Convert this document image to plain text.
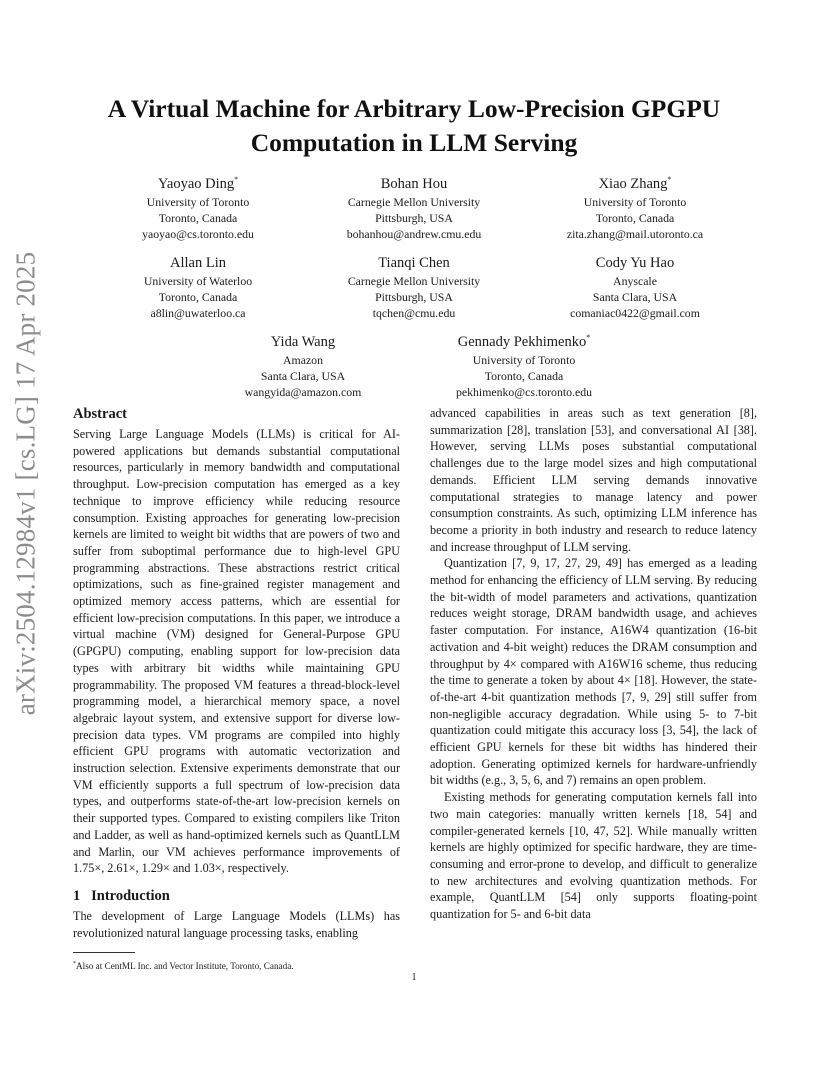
arXiv:2504.12984v1 [cs.LG] 17 Apr 2025
A Virtual Machine for Arbitrary Low-Precision GPGPU Computation in LLM Serving
Yaoyao Ding*
University of Toronto
Toronto, Canada
yaoyao@cs.toronto.edu
Bohan Hou
Carnegie Mellon University
Pittsburgh, USA
bohanhou@andrew.cmu.edu
Xiao Zhang*
University of Toronto
Toronto, Canada
zita.zhang@mail.utoronto.ca
Allan Lin
University of Waterloo
Toronto, Canada
a8lin@uwaterloo.ca
Tianqi Chen
Carnegie Mellon University
Pittsburgh, USA
tqchen@cmu.edu
Cody Yu Hao
Anyscale
Santa Clara, USA
comaniac0422@gmail.com
Yida Wang
Amazon
Santa Clara, USA
wangyida@amazon.com
Gennady Pekhimenko*
University of Toronto
Toronto, Canada
pekhimenko@cs.toronto.edu
Abstract

Serving Large Language Models (LLMs) is critical for AI-powered applications but demands substantial computational resources, particularly in memory bandwidth and computational throughput. Low-precision computation has emerged as a key technique to improve efficiency while reducing resource consumption. Existing approaches for generating low-precision kernels are limited to weight bit widths that are powers of two and suffer from suboptimal performance due to high-level GPU programming abstractions. These abstractions restrict critical optimizations, such as fine-grained register management and optimized memory access patterns, which are essential for efficient low-precision computations. In this paper, we introduce a virtual machine (VM) designed for General-Purpose GPU (GPGPU) computing, enabling support for low-precision data types with arbitrary bit widths while maintaining GPU programmability. The proposed VM features a thread-block-level programming model, a hierarchical memory space, a novel algebraic layout system, and extensive support for diverse low-precision data types. VM programs are compiled into highly efficient GPU programs with automatic vectorization and instruction selection. Extensive experiments demonstrate that our VM efficiently supports a full spectrum of low-precision data types, and outperforms state-of-the-art low-precision kernels on their supported types. Compared to existing compilers like Triton and Ladder, as well as hand-optimized kernels such as QuantLLM and Marlin, our VM achieves performance improvements of 1.75×, 2.61×, 1.29× and 1.03×, respectively.

1   Introduction

The development of Large Language Models (LLMs) has revolutionized natural language processing tasks, enabling

advanced capabilities in areas such as text generation [8], summarization [28], translation [53], and conversational AI [38]. However, serving LLMs poses substantial computational challenges due to the large model sizes and high computational demands. Efficient LLM serving demands innovative computational strategies to manage latency and power consumption constraints. As such, optimizing LLM inference has become a priority in both industry and research to reduce latency and increase throughput of LLM serving.

Quantization [7, 9, 17, 27, 29, 49] has emerged as a leading method for enhancing the efficiency of LLM serving. By reducing the bit-width of model parameters and activations, quantization reduces weight storage, DRAM bandwidth usage, and achieves faster computation. For instance, A16W4 quantization (16-bit activation and 4-bit weight) reduces the DRAM consumption and throughput by 4× compared with A16W16 scheme, thus reducing the time to generate a token by about 4× [18]. However, the state-of-the-art 4-bit quantization methods [7, 9, 29] still suffer from non-negligible accuracy degradation. While using 5- to 7-bit quantization could mitigate this accuracy loss [3, 54], the lack of efficient GPU kernels for these bit widths has hindered their adoption. Generating optimized kernels for hardware-unfriendly bit widths (e.g., 3, 5, 6, and 7) remains an open problem.

Existing methods for generating computation kernels fall into two main categories: manually written kernels [18, 54] and compiler-generated kernels [10, 47, 52]. While manually written kernels are highly optimized for specific hardware, they are time-consuming and error-prone to develop, and difficult to generalize to new architectures and evolving quantization methods. For example, QuantLLM [54] only supports floating-point quantization for 5- and 6-bit data

*Also at CentML Inc. and Vector Institute, Toronto, Canada.
1
